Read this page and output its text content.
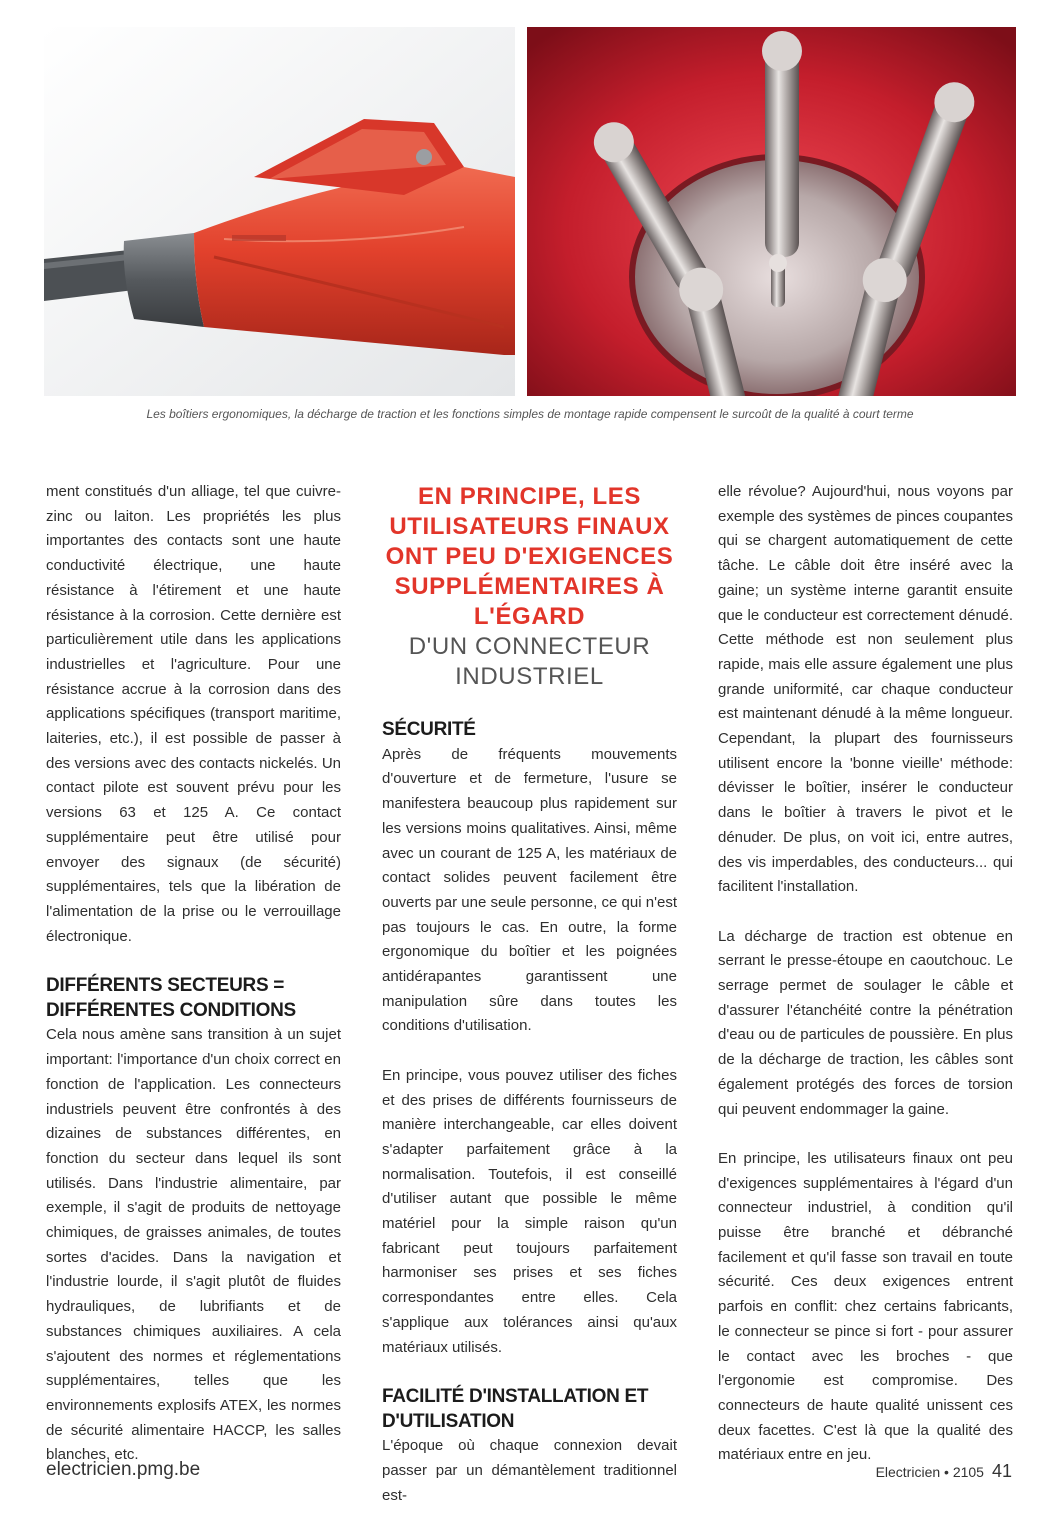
Les boîtiers ergonomiques, la décharge de traction et les fonctions simples de montage rapide compensent le surcoût de la qualité à court terme

ment constitués d'un alliage, tel que cuivre-zinc ou laiton. Les propriétés les plus importantes des contacts sont une haute conductivité électrique, une haute résistance à l'étirement et une haute résistance à la corrosion. Cette dernière est particulièrement utile dans les applications industrielles et l'agriculture. Pour une résistance accrue à la corrosion dans des applications spécifiques (transport maritime, laiteries, etc.), il est possible de passer à des versions avec des contacts nickelés. Un contact pilote est souvent prévu pour les versions 63 et 125 A. Ce contact supplémentaire peut être utilisé pour envoyer des signaux (de sécurité) supplémentaires, tels que la libération de l'alimentation de la prise ou le verrouillage électronique.

DIFFÉRENTS SECTEURS = DIFFÉRENTES CONDITIONS

Cela nous amène sans transition à un sujet important: l'importance d'un choix correct en fonction de l'application. Les connecteurs industriels peuvent être confrontés à des dizaines de substances différentes, en fonction du secteur dans lequel ils sont utilisés. Dans l'industrie alimentaire, par exemple, il s'agit de produits de nettoyage chimiques, de graisses animales, de toutes sortes d'acides. Dans la navigation et l'industrie lourde, il s'agit plutôt de fluides hydrauliques, de lubrifiants et de substances chimiques auxiliaires. A cela s'ajoutent des normes et réglementations supplémentaires, telles que les environnements explosifs ATEX, les normes de sécurité alimentaire HACCP, les salles blanches, etc.

EN PRINCIPE, LES UTILISATEURS FINAUX ONT PEU D'EXIGENCES SUPPLÉMENTAIRES À L'ÉGARD
D'UN CONNECTEUR INDUSTRIEL
SÉCURITÉ

Après de fréquents mouvements d'ouverture et de fermeture, l'usure se manifestera beaucoup plus rapidement sur les versions moins qualitatives. Ainsi, même avec un courant de 125 A, les matériaux de contact solides peuvent facilement être ouverts par une seule personne, ce qui n'est pas toujours le cas. En outre, la forme ergonomique du boîtier et les poignées antidérapantes garantissent une manipulation sûre dans toutes les conditions d'utilisation.

En principe, vous pouvez utiliser des fiches et des prises de différents fournisseurs de manière interchangeable, car elles doivent s'adapter parfaitement grâce à la normalisation. Toutefois, il est conseillé d'utiliser autant que possible le même matériel pour la simple raison qu'un fabricant peut toujours parfaitement harmoniser ses prises et ses fiches correspondantes entre elles. Cela s'applique aux tolérances ainsi qu'aux matériaux utilisés.

FACILITÉ D'INSTALLATION ET D'UTILISATION

L'époque où chaque connexion devait passer par un démantèlement traditionnel est-

elle révolue? Aujourd'hui, nous voyons par exemple des systèmes de pinces coupantes qui se chargent automatiquement de cette tâche. Le câble doit être inséré avec la gaine; un système interne garantit ensuite que le conducteur est correctement dénudé. Cette méthode est non seulement plus rapide, mais elle assure également une plus grande uniformité, car chaque conducteur est maintenant dénudé à la même longueur. Cependant, la plupart des fournisseurs utilisent encore la 'bonne vieille' méthode: dévisser le boîtier, insérer le conducteur dans le boîtier à travers le pivot et le dénuder. De plus, on voit ici, entre autres, des vis imperdables, des conducteurs... qui facilitent l'installation.

La décharge de traction est obtenue en serrant le presse-étoupe en caoutchouc. Le serrage permet de soulager le câble et d'assurer l'étanchéité contre la pénétration d'eau ou de particules de poussière. En plus de la décharge de traction, les câbles sont également protégés des forces de torsion qui peuvent endommager la gaine.

En principe, les utilisateurs finaux ont peu d'exigences supplémentaires à l'égard d'un connecteur industriel, à condition qu'il puisse être branché et débranché facilement et qu'il fasse son travail en toute sécurité. Ces deux exigences entrent parfois en conflit: chez certains fabricants, le connecteur se pince si fort - pour assurer le contact avec les broches - que l'ergonomie est compromise. Des connecteurs de haute qualité unissent ces deux facettes. C'est là que la qualité des matériaux entre en jeu.

electricien.pmg.be	Electricien • 2105 41
